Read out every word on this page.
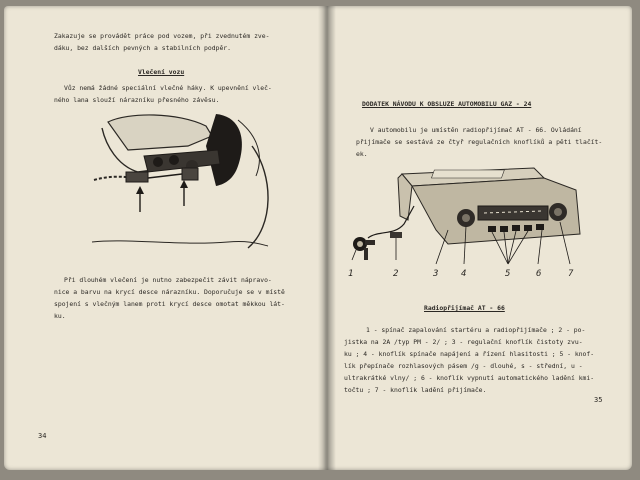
Zakazuje se provádět práce pod vozem, při zvednutém zve-
dáku, bez dalších pevných a stabilních podpěr.
Vlečení vozu
Vůz nemá žádné speciální vlečné háky. K upevnění vleč-
ného lana slouží nárazníku přesného závěsu.
Při dlouhém vlečení je nutno zabezpečit závit nápravo-
nice a barvu na krycí desce nárazníku. Doporučuje se v místě
spojení s vlečným lanem proti krycí desce omotat měkkou lát-
ku.
34
DODATEK NÁVODU K OBSLUZE AUTOMOBILU GAZ - 24
V automobilu je umístěn radiopřijímač AT - 66. Ovládání
přijímače se sestává ze čtyř regulačních knoflíků a pěti tlačít-
ek.
1	2	3	4	5	6	7
Radiopřijímač AT - 66
1 - spínač zapalování startéru a radiopřijímače ; 2 - po-
jistka na 2A /typ PM - 2/ ; 3 - regulační knoflík čistoty zvu-
ku ; 4 - knoflík spínače napájení a řízení hlasitosti ; 5 - knof-
lík přepínače rozhlasových pásem /g - dlouhé, s - střední, u -
ultrakrátké vlny/ ; 6 - knoflík vypnutí automatického ladění kmi-
točtu ; 7 - knoflík ladění přijímače.
35
